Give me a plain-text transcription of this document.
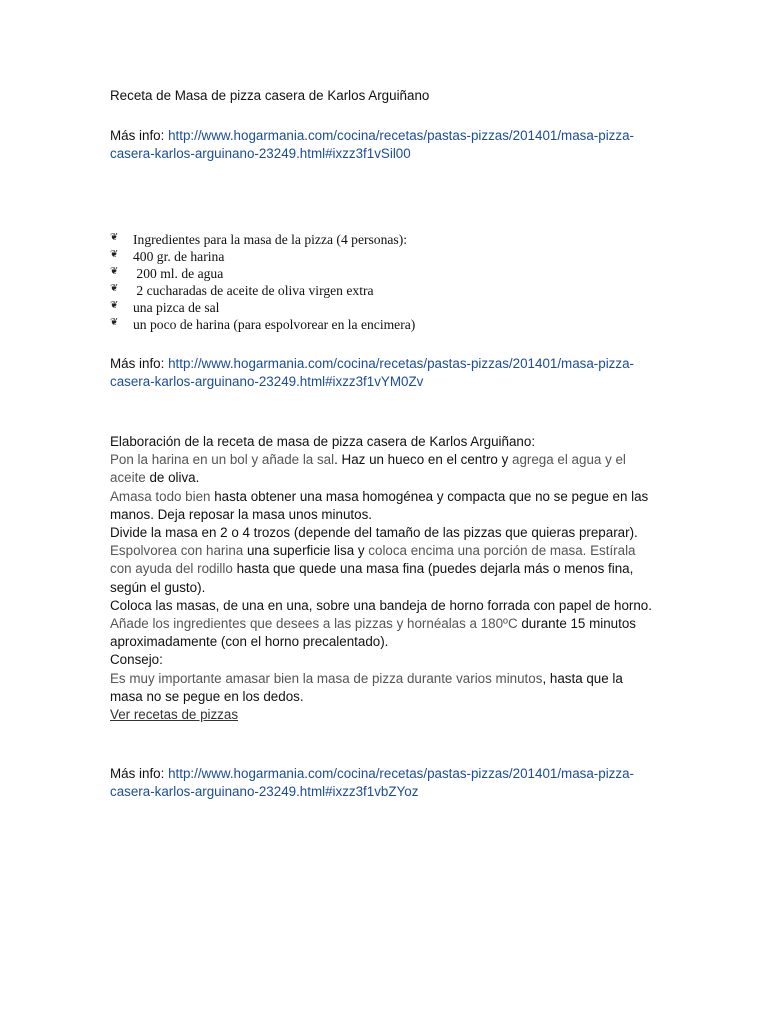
Receta de Masa de pizza casera de Karlos Arguiñano
Más info: http://www.hogarmania.com/cocina/recetas/pastas-pizzas/201401/masa-pizza-
casera-karlos-arguinano-23249.html#ixzz3f1vSil00
❦ Ingredientes para la masa de la pizza (4 personas):
❦ 400 gr. de harina
❦ 200 ml. de agua
❦ 2 cucharadas de aceite de oliva virgen extra
❦ una pizca de sal
❦ un poco de harina (para espolvorear en la encimera)
Más info: http://www.hogarmania.com/cocina/recetas/pastas-pizzas/201401/masa-pizza-
casera-karlos-arguinano-23249.html#ixzz3f1vYM0Zv
Elaboración de la receta de masa de pizza casera de Karlos Arguiñano:
Pon la harina en un bol y añade la sal. Haz un hueco en el centro y agrega el agua y el
aceite de oliva.
Amasa todo bien hasta obtener una masa homogénea y compacta que no se pegue en las
manos. Deja reposar la masa unos minutos.
Divide la masa en 2 o 4 trozos (depende del tamaño de las pizzas que quieras preparar).
Espolvorea con harina una superficie lisa y coloca encima una porción de masa. Estírala
con ayuda del rodillo hasta que quede una masa fina (puedes dejarla más o menos fina,
según el gusto).
Coloca las masas, de una en una, sobre una bandeja de horno forrada con papel de horno.
Añade los ingredientes que desees a las pizzas y hornéalas a 180ºC durante 15 minutos
aproximadamente (con el horno precalentado).
Consejo:
Es muy importante amasar bien la masa de pizza durante varios minutos, hasta que la
masa no se pegue en los dedos.
Ver recetas de pizzas
Más info: http://www.hogarmania.com/cocina/recetas/pastas-pizzas/201401/masa-pizza-
casera-karlos-arguinano-23249.html#ixzz3f1vbZYoz
